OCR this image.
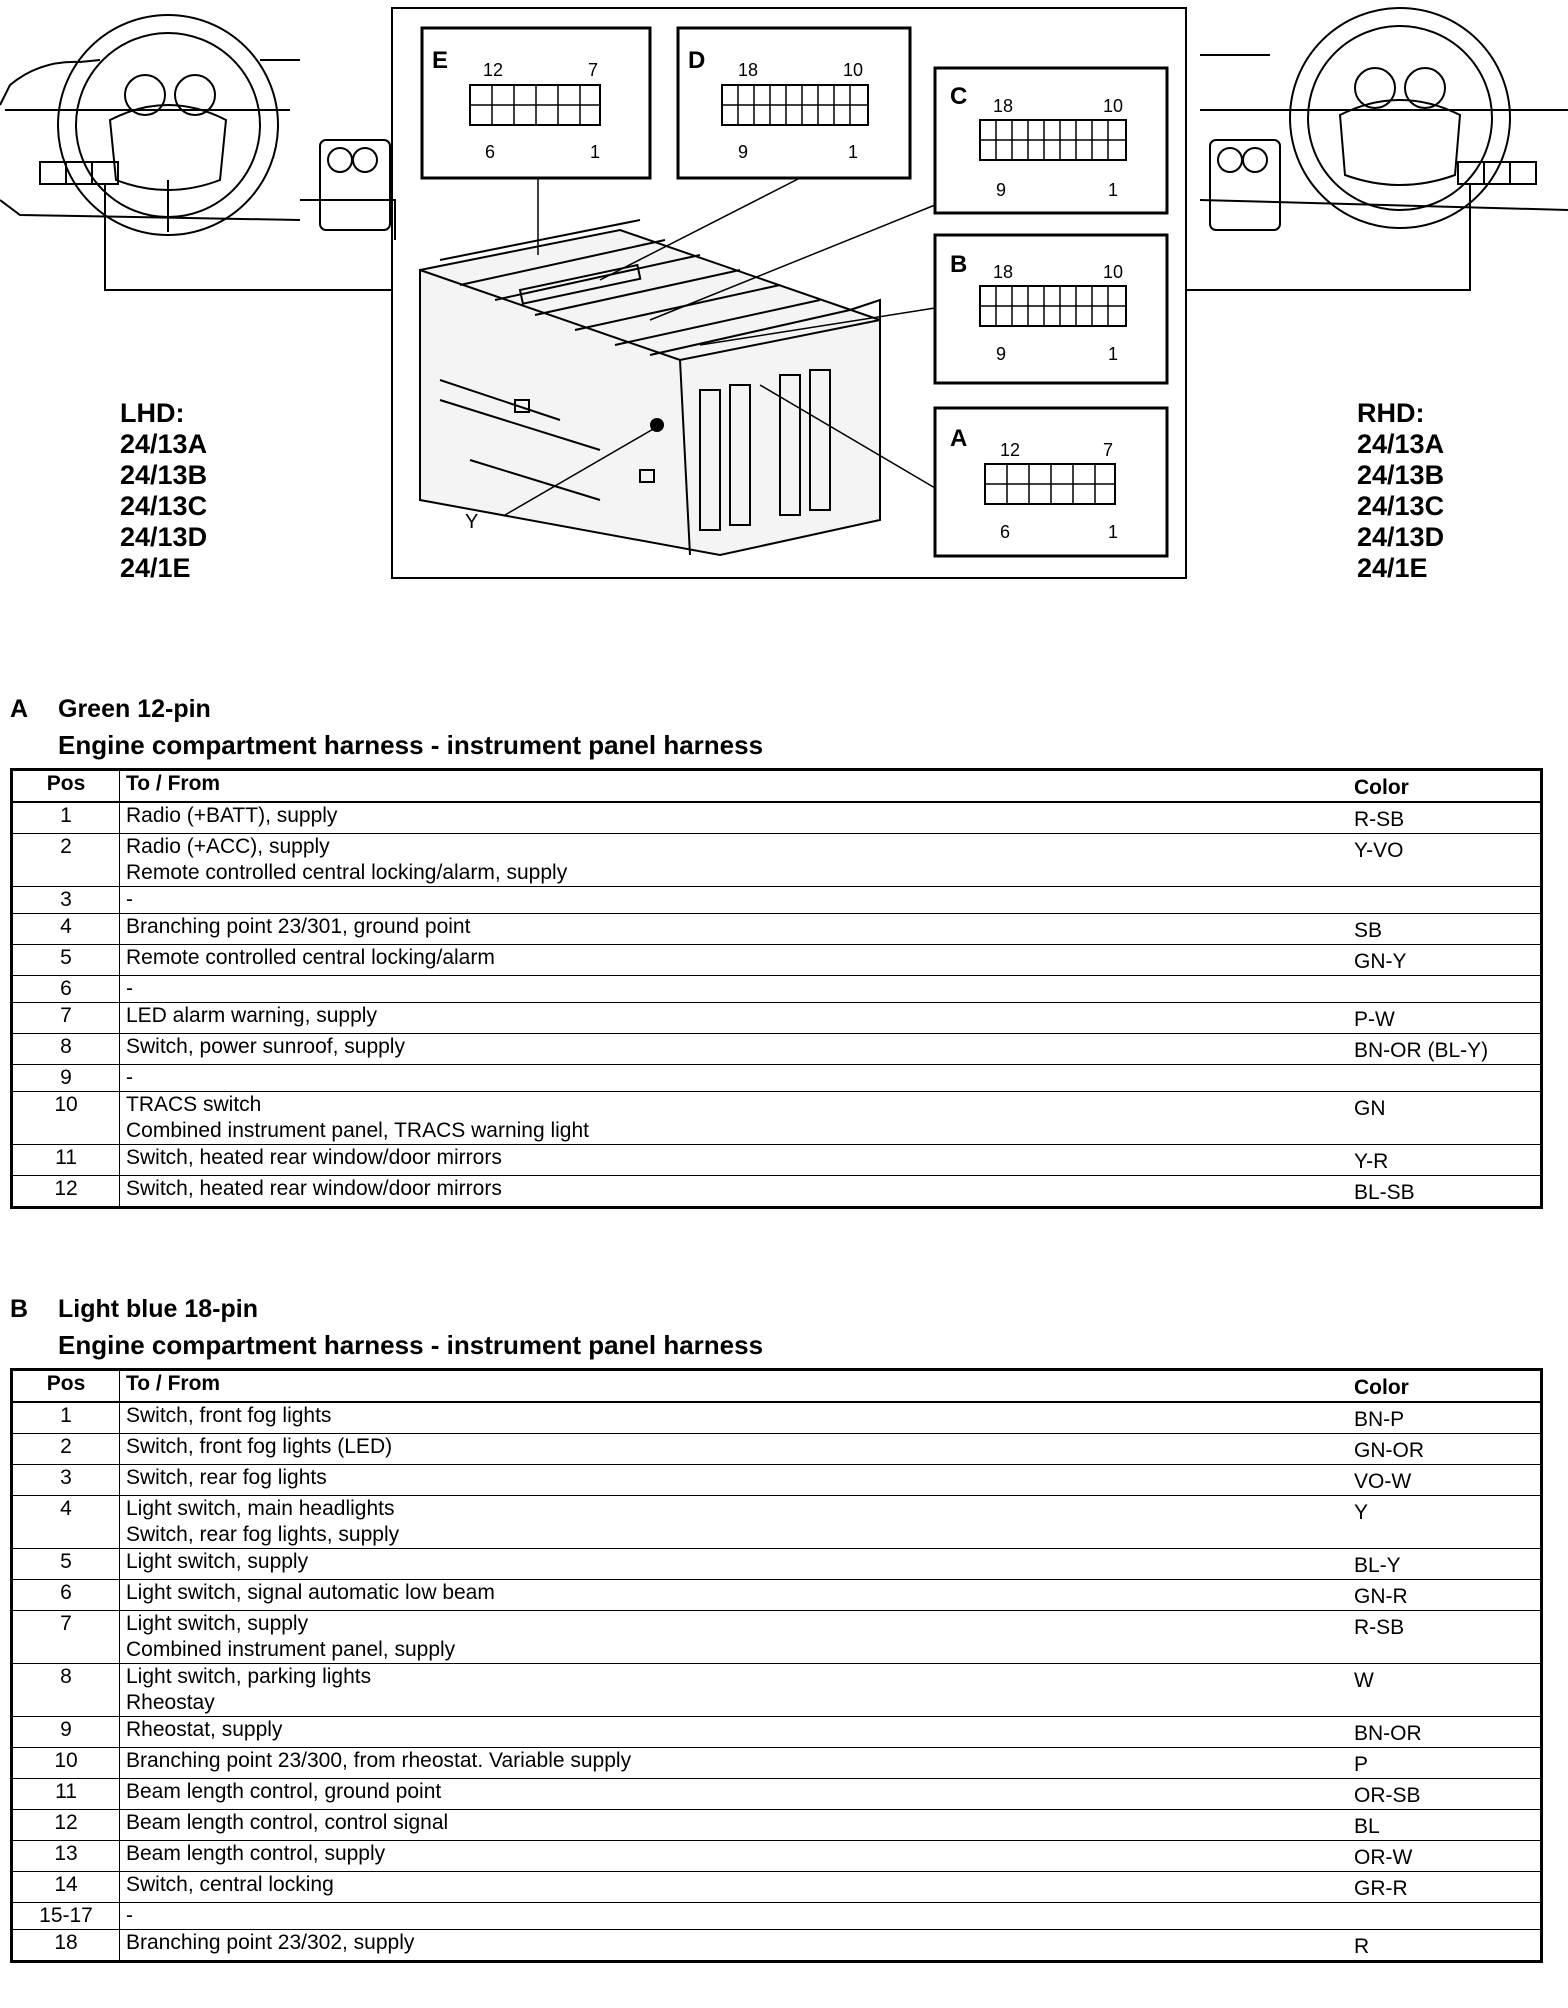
Y
E 12	7
6	1
D 18	10
9	1
C 18	10
9	1
B 18	10
9	1
A 12	7
6	1
LHD:
24/13A
24/13B
24/13C
24/13D
24/1E
RHD:
24/13A
24/13B
24/13C
24/13D
24/1E
A Green 12-pin
Engine compartment harness - instrument panel harness
Pos	To / From	Color
1	Radio (+BATT), supply	R-SB
2	Radio (+ACC), supply
Remote controlled central locking/alarm, supply	Y-VO
3	-	

4	Branching point 23/301, ground point	SB
5	Remote controlled central locking/alarm	GN-Y
6	-	

7	LED alarm warning, supply	P-W
8	Switch, power sunroof, supply	BN-OR (BL-Y)
9	-	

10	TRACS switch
Combined instrument panel, TRACS warning light	GN
11	Switch, heated rear window/door mirrors	Y-R
12	Switch, heated rear window/door mirrors	BL-SB
B Light blue 18-pin
Engine compartment harness - instrument panel harness
Pos	To / From	Color
1	Switch, front fog lights	BN-P
2	Switch, front fog lights (LED)	GN-OR
3	Switch, rear fog lights	VO-W
4	Light switch, main headlights
Switch, rear fog lights, supply	Y
5	Light switch, supply	BL-Y
6	Light switch, signal automatic low beam	GN-R
7	Light switch, supply
Combined instrument panel, supply	R-SB
8	Light switch, parking lights
Rheostay	W
9	Rheostat, supply	BN-OR
10	Branching point 23/300, from rheostat. Variable supply	P
11	Beam length control, ground point	OR-SB
12	Beam length control, control signal	BL
13	Beam length control, supply	OR-W
14	Switch, central locking	GR-R
15-17	-	

18	Branching point 23/302, supply	R
